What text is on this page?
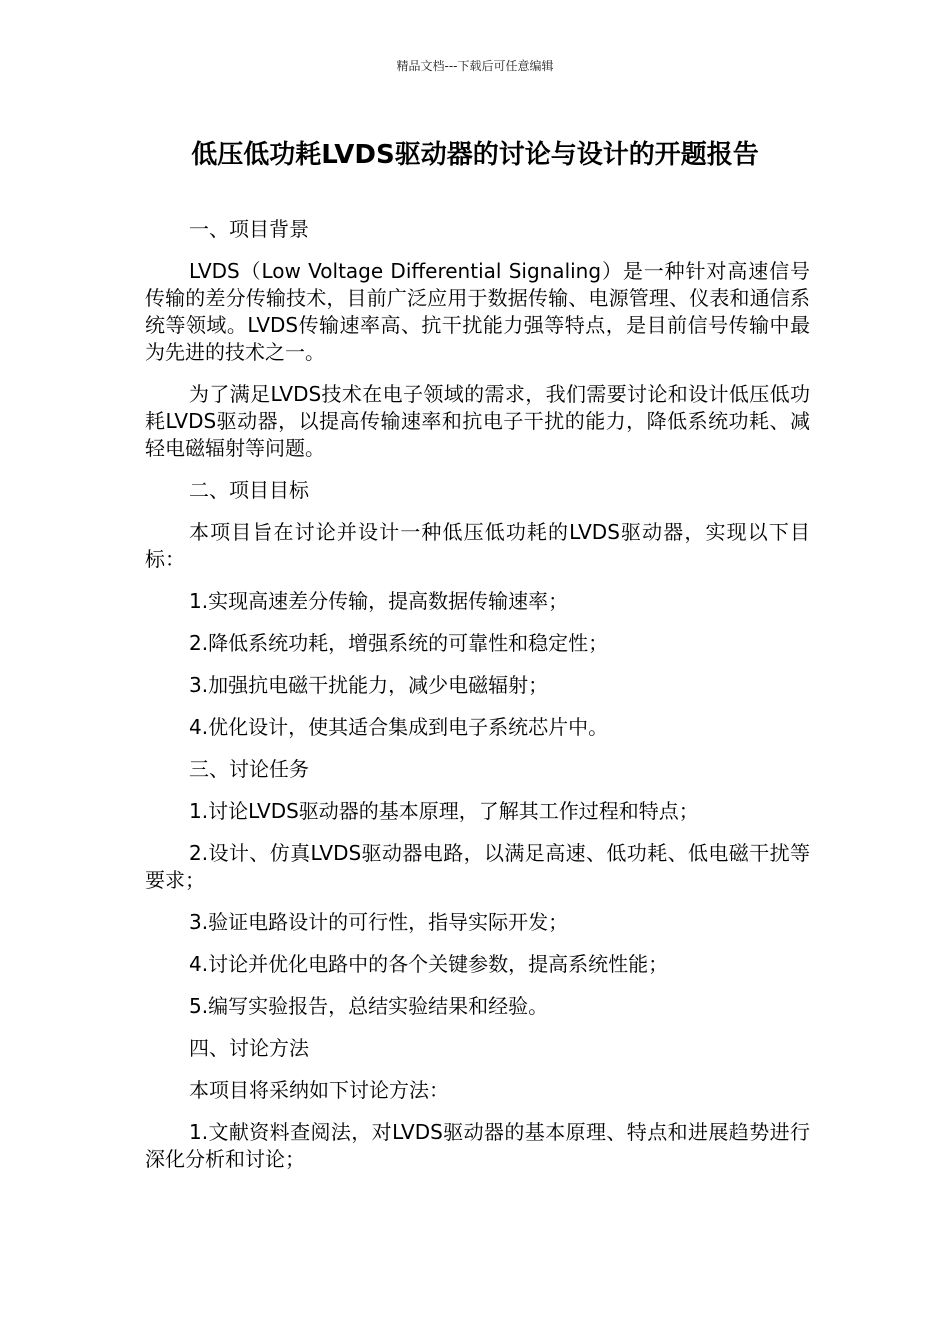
精品文档---下载后可任意编辑
低压低功耗LVDS驱动器的讨论与设计的开题报告

一、项目背景

LVDS（Low Voltage Differential Signaling）是一种针对高速信号传输的差分传输技术，目前广泛应用于数据传输、电源管理、仪表和通信系统等领域。LVDS传输速率高、抗干扰能力强等特点，是目前信号传输中最为先进的技术之一。

为了满足LVDS技术在电子领域的需求，我们需要讨论和设计低压低功耗LVDS驱动器，以提高传输速率和抗电子干扰的能力，降低系统功耗、减轻电磁辐射等问题。

二、项目目标

本项目旨在讨论并设计一种低压低功耗的LVDS驱动器，实现以下目标：

1.实现高速差分传输，提高数据传输速率；

2.降低系统功耗，增强系统的可靠性和稳定性；

3.加强抗电磁干扰能力，减少电磁辐射；

4.优化设计，使其适合集成到电子系统芯片中。

三、讨论任务

1.讨论LVDS驱动器的基本原理，了解其工作过程和特点；

2.设计、仿真LVDS驱动器电路，以满足高速、低功耗、低电磁干扰等要求；

3.验证电路设计的可行性，指导实际开发；

4.讨论并优化电路中的各个关键参数，提高系统性能；

5.编写实验报告，总结实验结果和经验。

四、讨论方法

本项目将采纳如下讨论方法：

1.文献资料查阅法，对LVDS驱动器的基本原理、特点和进展趋势进行深化分析和讨论；
